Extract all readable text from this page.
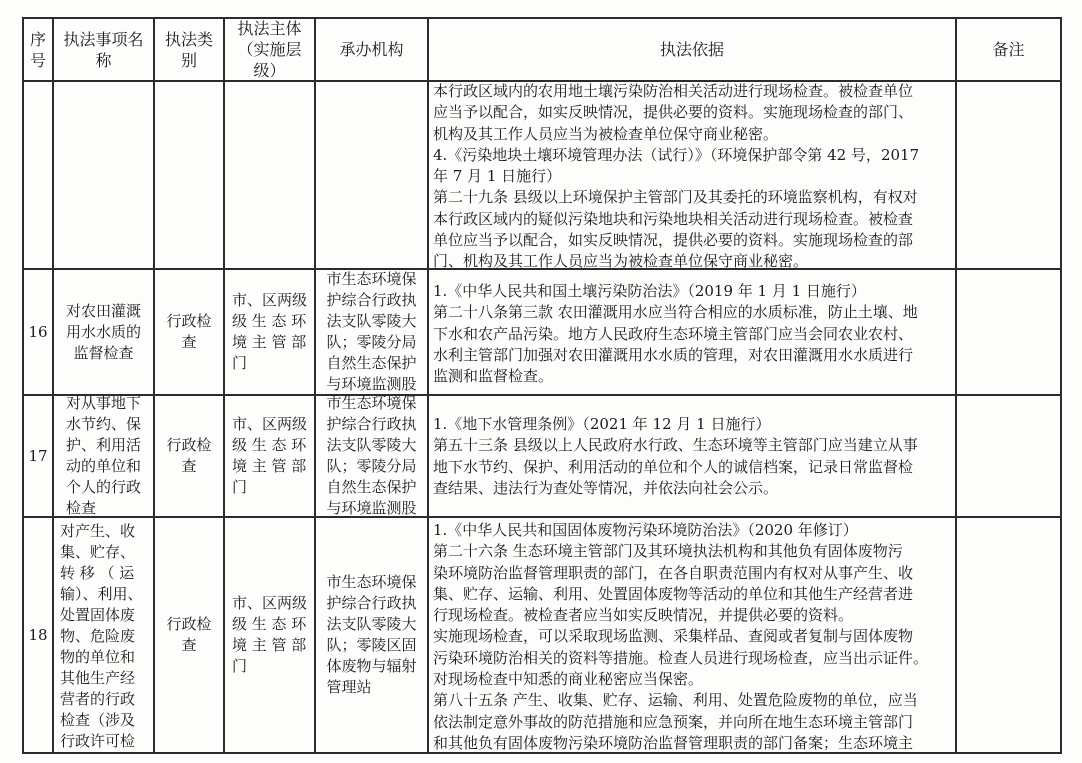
序
号
执法事项名
称
执法类
别
执法主体
（实施层
级）
承办机构	执法依据	备注
本行政区域内的农用地土壤污染防治相关活动进行现场检查。被检查单位
应当予以配合，如实反映情况，提供必要的资料。实施现场检查的部门、
机构及其工作人员应当为被检查单位保守商业秘密。
4.《污染地块土壤环境管理办法（试行）》（环境保护部令第 42 号，2017
年 7 月 1 日施行）
第二十九条 县级以上环境保护主管部门及其委托的环境监察机构，有权对
本行政区域内的疑似污染地块和污染地块相关活动进行现场检查。被检查
单位应当予以配合，如实反映情况，提供必要的资料。实施现场检查的部
门、机构及其工作人员应当为被检查单位保守商业秘密。
16
对农田灌溉
用水水质的
监督检查
行政检
查
市、区两级
级 生 态 环
境 主 管 部
门
市生态环境保
护综合行政执
法支队零陵大
队；零陵分局
自然生态保护
与环境监测股
1.《中华人民共和国土壤污染防治法》（2019 年 1 月 1 日施行）
第二十八条第三款 农田灌溉用水应当符合相应的水质标准，防止土壤、地
下水和农产品污染。地方人民政府生态环境主管部门应当会同农业农村、
水利主管部门加强对农田灌溉用水水质的管理，对农田灌溉用水水质进行
监测和监督检查。
17
对从事地下
水节约、保
护、利用活
动的单位和
个人的行政
检查
行政检
查
市、区两级
级 生 态 环
境 主 管 部
门
市生态环境保
护综合行政执
法支队零陵大
队；零陵分局
自然生态保护
与环境监测股
1.《地下水管理条例》（2021 年 12 月 1 日施行）
第五十三条 县级以上人民政府水行政、生态环境等主管部门应当建立从事
地下水节约、保护、利用活动的单位和个人的诚信档案，记录日常监督检
查结果、违法行为查处等情况，并依法向社会公示。
18
对产生、收
集、贮存、
转 移 （ 运
输）、利用、
处置固体废
物、危险废
物的单位和
其他生产经
营者的行政
检查（涉及
行政许可检
行政检
查
市、区两级
级 生 态 环
境 主 管 部
门
市生态环境保
护综合行政执
法支队零陵大
队；零陵区固
体废物与辐射
管理站
1.《中华人民共和国固体废物污染环境防治法》（2020 年修订）
第二十六条 生态环境主管部门及其环境执法机构和其他负有固体废物污
染环境防治监督管理职责的部门，在各自职责范围内有权对从事产生、收
集、贮存、运输、利用、处置固体废物等活动的单位和其他生产经营者进
行现场检查。被检查者应当如实反映情况，并提供必要的资料。
实施现场检查，可以采取现场监测、采集样品、查阅或者复制与固体废物
污染环境防治相关的资料等措施。检查人员进行现场检查，应当出示证件。
对现场检查中知悉的商业秘密应当保密。
第八十五条 产生、收集、贮存、运输、利用、处置危险废物的单位，应当
依法制定意外事故的防范措施和应急预案，并向所在地生态环境主管部门
和其他负有固体废物污染环境防治监督管理职责的部门备案；生态环境主
